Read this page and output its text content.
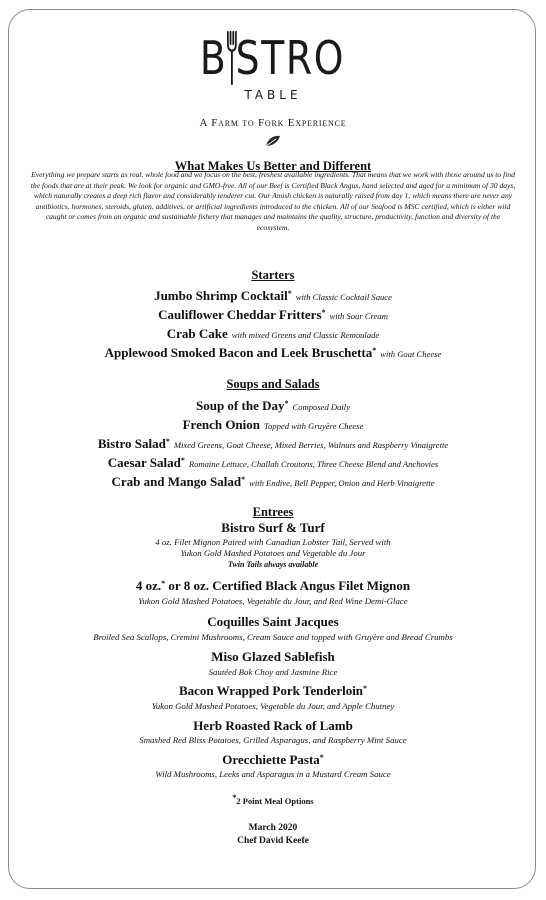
B STRO
TABLE
A Farm to Fork Experience
What Makes Us Better and Different
Everything we prepare starts as real, whole food and we focus on the best, freshest available ingredients. That means that we work with those around us to find the foods that are at their peak. We look for organic and GMO-free. All of our Beef is Certified Black Angus, hand selected and aged for a minimum of 30 days, which naturally creates a deep rich flavor and considerably tenderer cut. Our Amish chicken is naturally raised from day 1, which means there are never any antibiotics, hormones, steroids, gluten, additives, or artificial ingredients introduced to the chicken. All of our Seafood is MSC certified, which is either wild caught or comes from an organic and sustainable fishery that manages and maintains the quality, structure, productivity, function and diversity of the ecosystem.
Starters
Jumbo Shrimp Cocktail* with Classic Cocktail Sauce
Cauliflower Cheddar Fritters* with Sour Cream
Crab Cake with mixed Greens and Classic Remoulade
Applewood Smoked Bacon and Leek Bruschetta* with Goat Cheese
Soups and Salads
Soup of the Day* Composed Daily
French Onion Topped with Gruyère Cheese
Bistro Salad* Mixed Greens, Goat Cheese, Mixed Berries, Walnuts and Raspberry Vinaigrette
Caesar Salad* Romaine Lettuce, Challah Croutons, Three Cheese Blend and Anchovies
Crab and Mango Salad* with Endive, Bell Pepper, Onion and Herb Vinaigrette
Entrees
Bistro Surf & Turf
4 oz. Filet Mignon Paired with Canadian Lobster Tail, Served with
Yukon Gold Mashed Potatoes and Vegetable du Jour
Twin Tails always available
4 oz.* or 8 oz. Certified Black Angus Filet Mignon
Yukon Gold Mashed Potatoes, Vegetable du Jour, and Red Wine Demi-Glace
Coquilles Saint Jacques
Broiled Sea Scallops, Cremini Mushrooms, Cream Sauce and topped with Gruyère and Bread Crumbs
Miso Glazed Sablefish
Sautéed Bok Choy and Jasmine Rice
Bacon Wrapped Pork Tenderloin*
Yukon Gold Mashed Potatoes, Vegetable du Jour, and Apple Chutney
Herb Roasted Rack of Lamb
Smashed Red Bliss Potatoes, Grilled Asparagus, and Raspberry Mint Sauce
Orecchiette Pasta*
Wild Mushrooms, Leeks and Asparagus in a Mustard Cream Sauce
*2 Point Meal Options
March 2020
Chef David Keefe
